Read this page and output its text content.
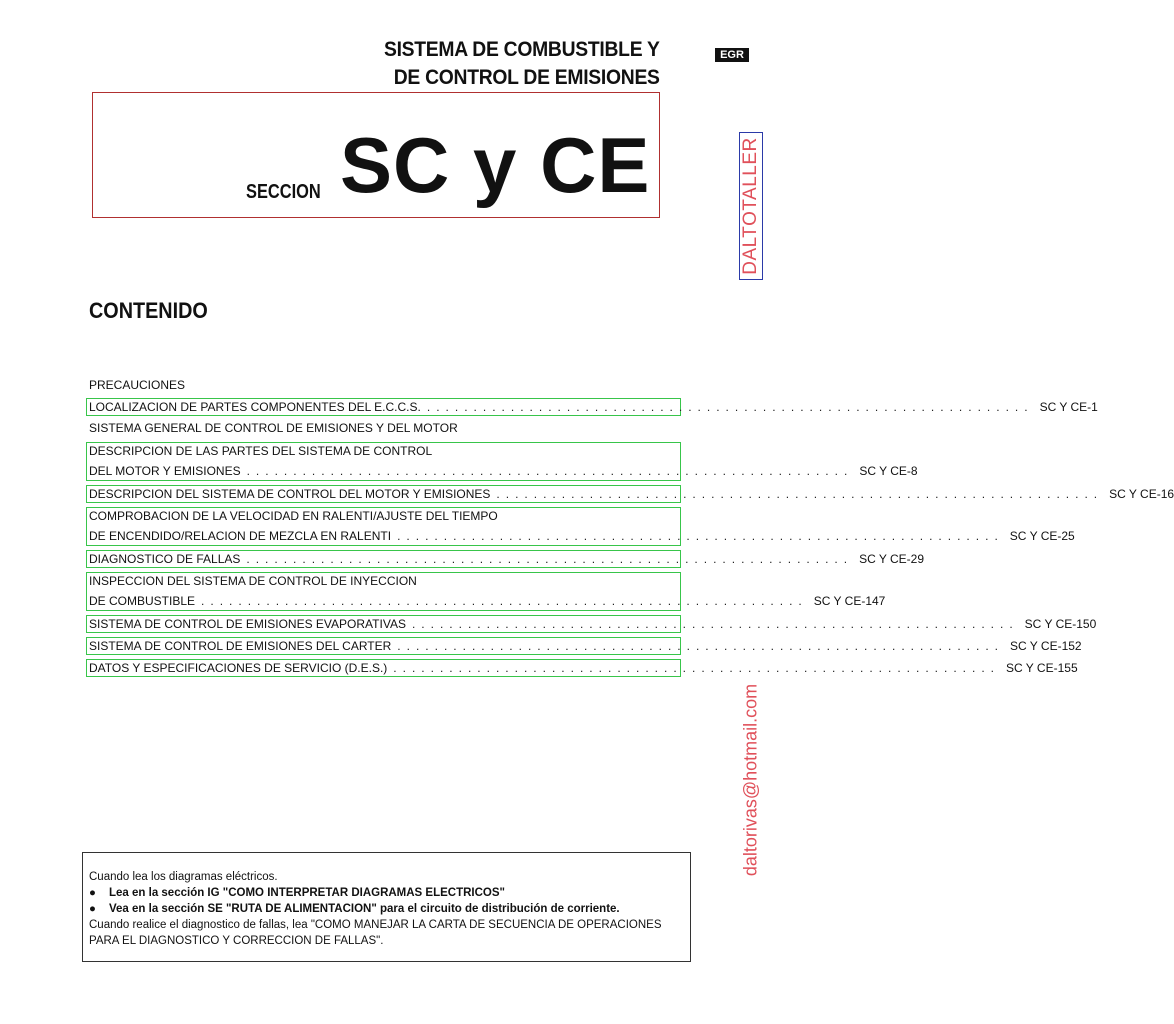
SISTEMA DE COMBUSTIBLE Y
DE CONTROL DE EMISIONES
EGR
SECCION SC y CE	DALTOTALLER
CONTENIDO
PRECAUCIONES
LOCALIZACION DE PARTES COMPONENTES DEL E.C.C.S. ................................................................. SC Y CE-1
SISTEMA GENERAL DE CONTROL DE EMISIONES Y DEL MOTOR
DESCRIPCION DE LAS PARTES DEL SISTEMA DE CONTROL
DEL MOTOR Y EMISIONES ................................................................. SC Y CE-8
DESCRIPCION DEL SISTEMA DE CONTROL DEL MOTOR Y EMISIONES ................................................................. SC Y CE-16
COMPROBACION DE LA VELOCIDAD EN RALENTI/AJUSTE DEL TIEMPO
DE ENCENDIDO/RELACION DE MEZCLA EN RALENTI ................................................................. SC Y CE-25
DIAGNOSTICO DE FALLAS ................................................................. SC Y CE-29
INSPECCION DEL SISTEMA DE CONTROL DE INYECCION
DE COMBUSTIBLE ................................................................. SC Y CE-147
SISTEMA DE CONTROL DE EMISIONES EVAPORATIVAS ................................................................. SC Y CE-150
SISTEMA DE CONTROL DE EMISIONES DEL CARTER ................................................................. SC Y CE-152
DATOS Y ESPECIFICACIONES DE SERVICIO (D.E.S.) ................................................................. SC Y CE-155
daltorivas@hotmail.com
Cuando lea los diagramas eléctricos.
●	Lea en la sección IG "COMO INTERPRETAR DIAGRAMAS ELECTRICOS"
●	Vea en la sección SE "RUTA DE ALIMENTACION" para el circuito de distribución de corriente.
Cuando realice el diagnostico de fallas, lea "COMO MANEJAR LA CARTA DE SECUENCIA DE OPERACIONES PARA EL DIAGNOSTICO Y CORRECCION DE FALLAS".
